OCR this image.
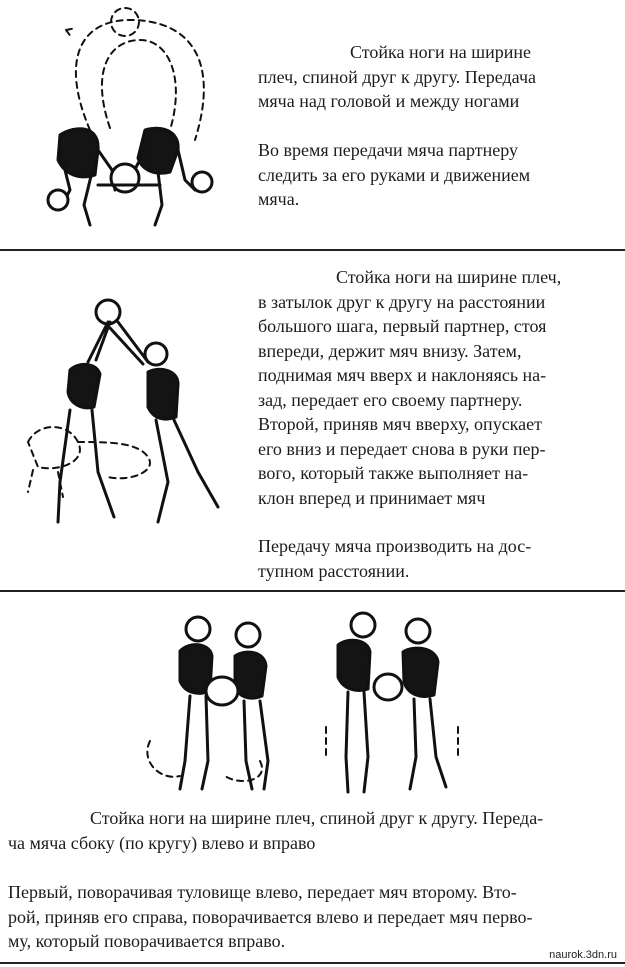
Стойка ноги на ширине
плеч, спиной друг к другу. Передача
мяча над головой и между ногами
Во время передачи мяча партнеру
следить за его руками и движением
мяча.
Стойка ноги на ширине плеч,
в затылок друг к другу на расстоянии
большого шага, первый партнер, стоя
впереди, держит мяч внизу. Затем,
поднимая мяч вверх и наклоняясь на-
зад, передает его своему партнеру.
Второй, приняв мяч вверху, опускает
его вниз и передает снова в руки пер-
вого, который также выполняет на-
клон вперед и принимает мяч
Передачу мяча производить на дос-
тупном расстоянии.
Стойка ноги на ширине плеч, спиной друг к другу. Переда-
ча мяча сбоку (по кругу) влево и вправо
Первый, поворачивая туловище влево, передает мяч второму. Вто-
рой, приняв его справа, поворачивается влево и передает мяч перво-
му, который поворачивается вправо.
naurok.3dn.ru
